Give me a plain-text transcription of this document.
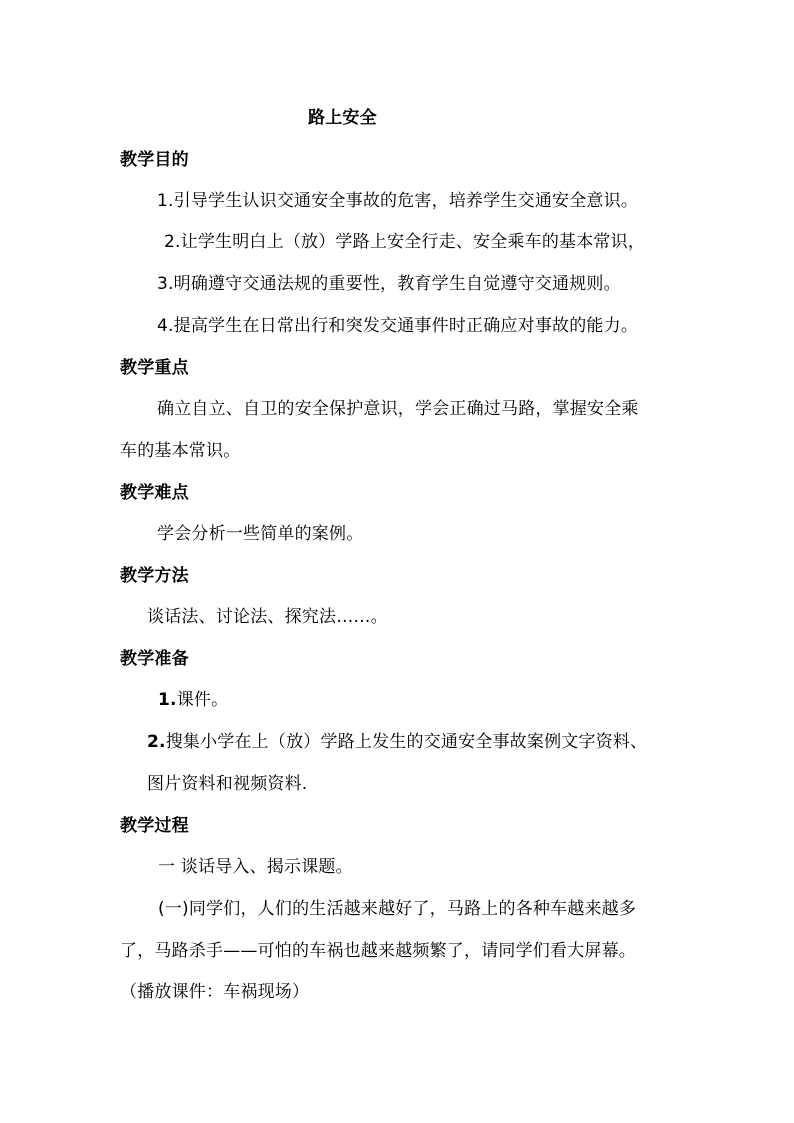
路上安全
教学目的
1.引导学生认识交通安全事故的危害，培养学生交通安全意识。
2.让学生明白上（放）学路上安全行走、安全乘车的基本常识，
3.明确遵守交通法规的重要性，教育学生自觉遵守交通规则。
4.提高学生在日常出行和突发交通事件时正确应对事故的能力。
教学重点
确立自立、自卫的安全保护意识，学会正确过马路，掌握安全乘
车的基本常识。
教学难点
学会分析一些简单的案例。
教学方法
谈话法、讨论法、探究法……。
教学准备
1.课件。
2.搜集小学在上（放）学路上发生的交通安全事故案例文字资料、
图片资料和视频资料.
教学过程
一 谈话导入、揭示课题。
(一)同学们，人们的生活越来越好了，马路上的各种车越来越多
了，马路杀手——可怕的车祸也越来越频繁了，请同学们看大屏幕。
（播放课件：车祸现场）
